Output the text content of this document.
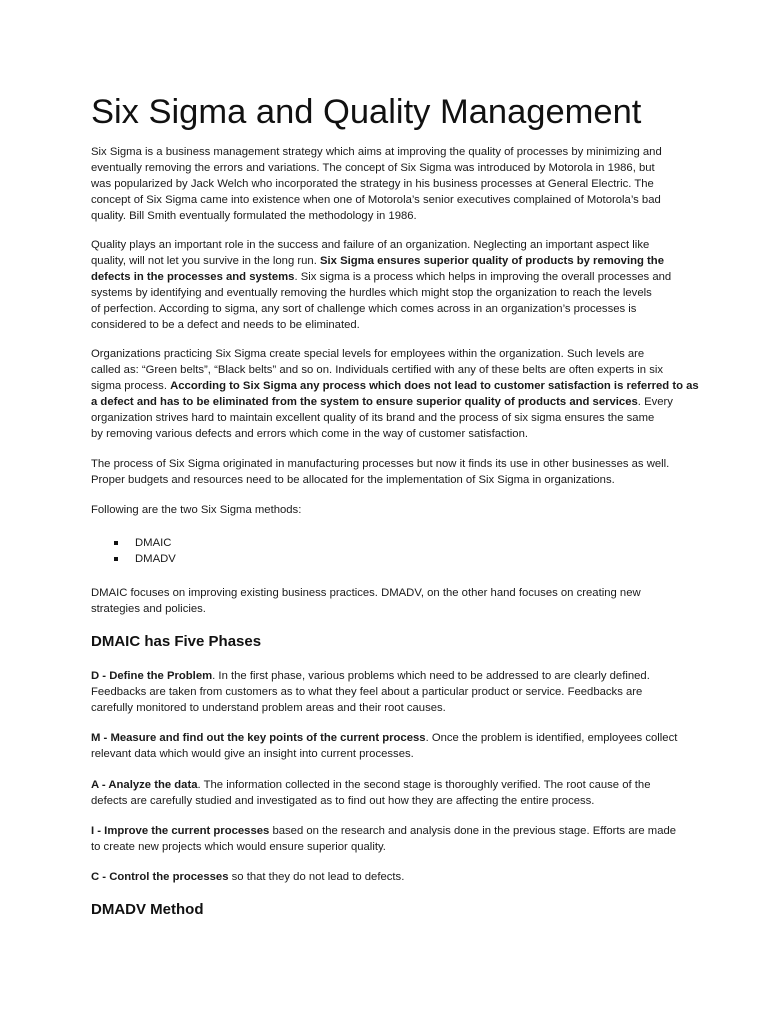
Six Sigma and Quality Management
Six Sigma is a business management strategy which aims at improving the quality of processes by minimizing and
eventually removing the errors and variations. The concept of Six Sigma was introduced by Motorola in 1986, but
was popularized by Jack Welch who incorporated the strategy in his business processes at General Electric. The
concept of Six Sigma came into existence when one of Motorola’s senior executives complained of Motorola’s bad
quality. Bill Smith eventually formulated the methodology in 1986.
Quality plays an important role in the success and failure of an organization. Neglecting an important aspect like
quality, will not let you survive in the long run. Six Sigma ensures superior quality of products by removing the
defects in the processes and systems. Six sigma is a process which helps in improving the overall processes and
systems by identifying and eventually removing the hurdles which might stop the organization to reach the levels
of perfection. According to sigma, any sort of challenge which comes across in an organization’s processes is
considered to be a defect and needs to be eliminated.
Organizations practicing Six Sigma create special levels for employees within the organization. Such levels are
called as: “Green belts”, “Black belts” and so on. Individuals certified with any of these belts are often experts in six
sigma process. According to Six Sigma any process which does not lead to customer satisfaction is referred to as
a defect and has to be eliminated from the system to ensure superior quality of products and services. Every
organization strives hard to maintain excellent quality of its brand and the process of six sigma ensures the same
by removing various defects and errors which come in the way of customer satisfaction.
The process of Six Sigma originated in manufacturing processes but now it finds its use in other businesses as well.
Proper budgets and resources need to be allocated for the implementation of Six Sigma in organizations.
Following are the two Six Sigma methods:
DMAIC
DMADV
DMAIC focuses on improving existing business practices. DMADV, on the other hand focuses on creating new
strategies and policies.
DMAIC has Five Phases
D - Define the Problem. In the first phase, various problems which need to be addressed to are clearly defined.
Feedbacks are taken from customers as to what they feel about a particular product or service. Feedbacks are
carefully monitored to understand problem areas and their root causes.
M - Measure and find out the key points of the current process. Once the problem is identified, employees collect
relevant data which would give an insight into current processes.
A - Analyze the data. The information collected in the second stage is thoroughly verified. The root cause of the
defects are carefully studied and investigated as to find out how they are affecting the entire process.
I - Improve the current processes based on the research and analysis done in the previous stage. Efforts are made
to create new projects which would ensure superior quality.
C - Control the processes so that they do not lead to defects.
DMADV Method
